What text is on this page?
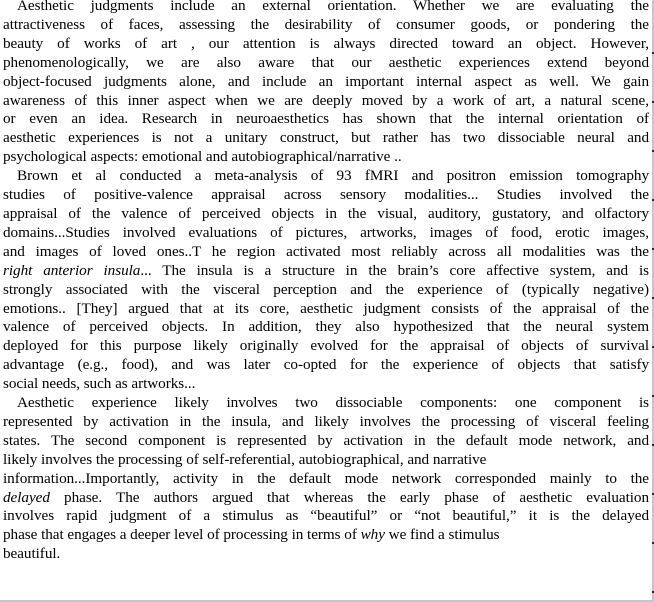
Aesthetic judgments include an external orientation. Whether we are evaluating the
attractiveness of faces, assessing the desirability of consumer goods, or pondering the
beauty of works of art , our attention is always directed toward an object. However,
phenomenologically, we are also aware that our aesthetic experiences extend beyond
object-focused judgments alone, and include an important internal aspect as well. We gain
awareness of this inner aspect when we are deeply moved by a work of art, a natural scene,
or even an idea. Research in neuroaesthetics has shown that the internal orientation of
aesthetic experiences is not a unitary construct, but rather has two dissociable neural and
psychological aspects: emotional and autobiographical/narrative ..
Brown et al conducted a meta-analysis of 93 fMRI and positron emission tomography
studies of positive-valence appraisal across sensory modalities... Studies involved the
appraisal of the valence of perceived objects in the visual, auditory, gustatory, and olfactory
domains...Studies involved evaluations of pictures, artworks, images of food, erotic images,
and images of loved ones..T he region activated most reliably across all modalities was the
right anterior insula... The insula is a structure in the brain’s core affective system, and is
strongly associated with the visceral perception and the experience of (typically negative)
emotions.. [They] argued that at its core, aesthetic judgment consists of the appraisal of the
valence of perceived objects. In addition, they also hypothesized that the neural system
deployed for this purpose likely originally evolved for the appraisal of objects of survival
advantage (e.g., food), and was later co-opted for the experience of objects that satisfy
social needs, such as artworks...
Aesthetic experience likely involves two dissociable components: one component is
represented by activation in the insula, and likely involves the processing of visceral feeling
states. The second component is represented by activation in the default mode network, and
likely involves the processing of self-referential, autobiographical, and narrative
information...Importantly, activity in the default mode network corresponded mainly to the
delayed phase. The authors argued that whereas the early phase of aesthetic evaluation
involves rapid judgment of a stimulus as “beautiful” or “not beautiful,” it is the delayed
phase that engages a deeper level of processing in terms of why we find a stimulus
beautiful.
